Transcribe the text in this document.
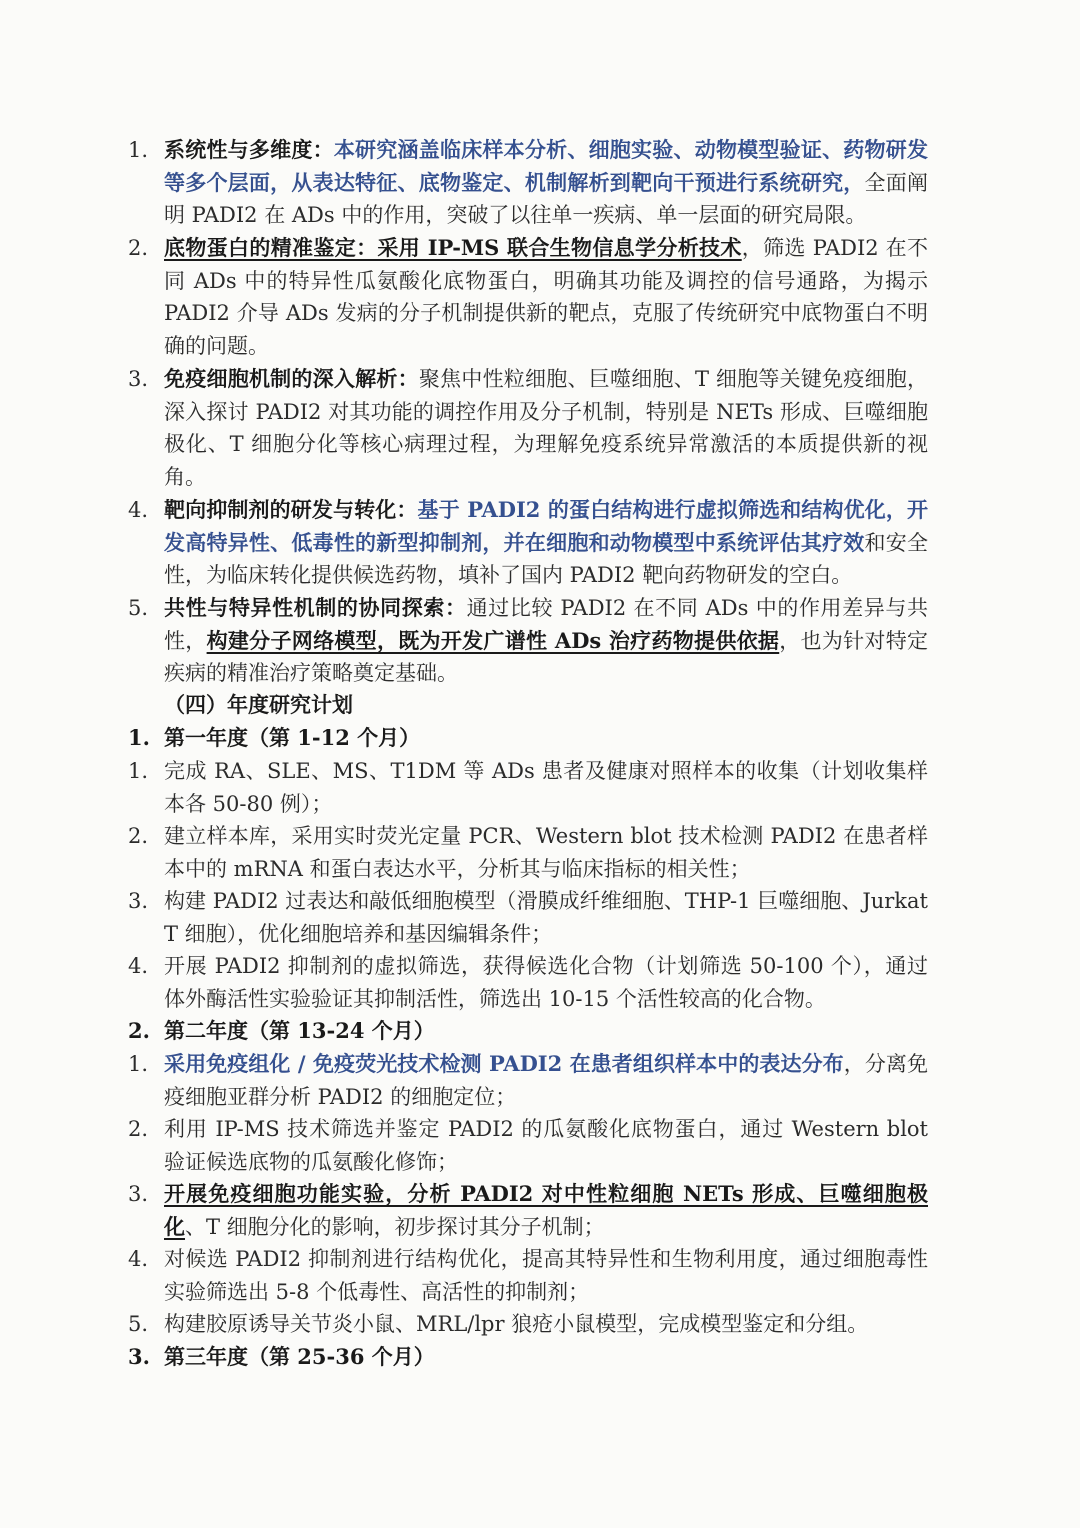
1. 系统性与多维度：本研究涵盖临床样本分析、细胞实验、动物模型验证、药物研发等多个层面，从表达特征、底物鉴定、机制解析到靶向干预进行系统研究，全面阐明 PADI2 在 ADs 中的作用，突破了以往单一疾病、单一层面的研究局限。
2. 底物蛋白的精准鉴定：采用 IP-MS 联合生物信息学分析技术，筛选 PADI2 在不同 ADs 中的特异性瓜氨酸化底物蛋白，明确其功能及调控的信号通路，为揭示 PADI2 介导 ADs 发病的分子机制提供新的靶点，克服了传统研究中底物蛋白不明确的问题。
3. 免疫细胞机制的深入解析：聚焦中性粒细胞、巨噬细胞、T 细胞等关键免疫细胞，深入探讨 PADI2 对其功能的调控作用及分子机制，特别是 NETs 形成、巨噬细胞极化、T 细胞分化等核心病理过程，为理解免疫系统异常激活的本质提供新的视角。
4. 靶向抑制剂的研发与转化：基于 PADI2 的蛋白结构进行虚拟筛选和结构优化，开发高特异性、低毒性的新型抑制剂，并在细胞和动物模型中系统评估其疗效和安全性，为临床转化提供候选药物，填补了国内 PADI2 靶向药物研发的空白。
5. 共性与特异性机制的协同探索：通过比较 PADI2 在不同 ADs 中的作用差异与共性，构建分子网络模型，既为开发广谱性 ADs 治疗药物提供依据，也为针对特定疾病的精准治疗策略奠定基础。
（四）年度研究计划
1. 第一年度（第 1-12 个月）
1. 完成 RA、SLE、MS、T1DM 等 ADs 患者及健康对照样本的收集（计划收集样本各 50-80 例）；
2. 建立样本库，采用实时荧光定量 PCR、Western blot 技术检测 PADI2 在患者样本中的 mRNA 和蛋白表达水平，分析其与临床指标的相关性；
3. 构建 PADI2 过表达和敲低细胞模型（滑膜成纤维细胞、THP-1 巨噬细胞、Jurkat T 细胞），优化细胞培养和基因编辑条件；
4. 开展 PADI2 抑制剂的虚拟筛选，获得候选化合物（计划筛选 50-100 个），通过体外酶活性实验验证其抑制活性，筛选出 10-15 个活性较高的化合物。
2. 第二年度（第 13-24 个月）
1. 采用免疫组化 / 免疫荧光技术检测 PADI2 在患者组织样本中的表达分布，分离免疫细胞亚群分析 PADI2 的细胞定位；
2. 利用 IP-MS 技术筛选并鉴定 PADI2 的瓜氨酸化底物蛋白，通过 Western blot 验证候选底物的瓜氨酸化修饰；
3. 开展免疫细胞功能实验，分析 PADI2 对中性粒细胞 NETs 形成、巨噬细胞极化、T 细胞分化的影响，初步探讨其分子机制；
4. 对候选 PADI2 抑制剂进行结构优化，提高其特异性和生物利用度，通过细胞毒性实验筛选出 5-8 个低毒性、高活性的抑制剂；
5. 构建胶原诱导关节炎小鼠、MRL/lpr 狼疮小鼠模型，完成模型鉴定和分组。
3. 第三年度（第 25-36 个月）
